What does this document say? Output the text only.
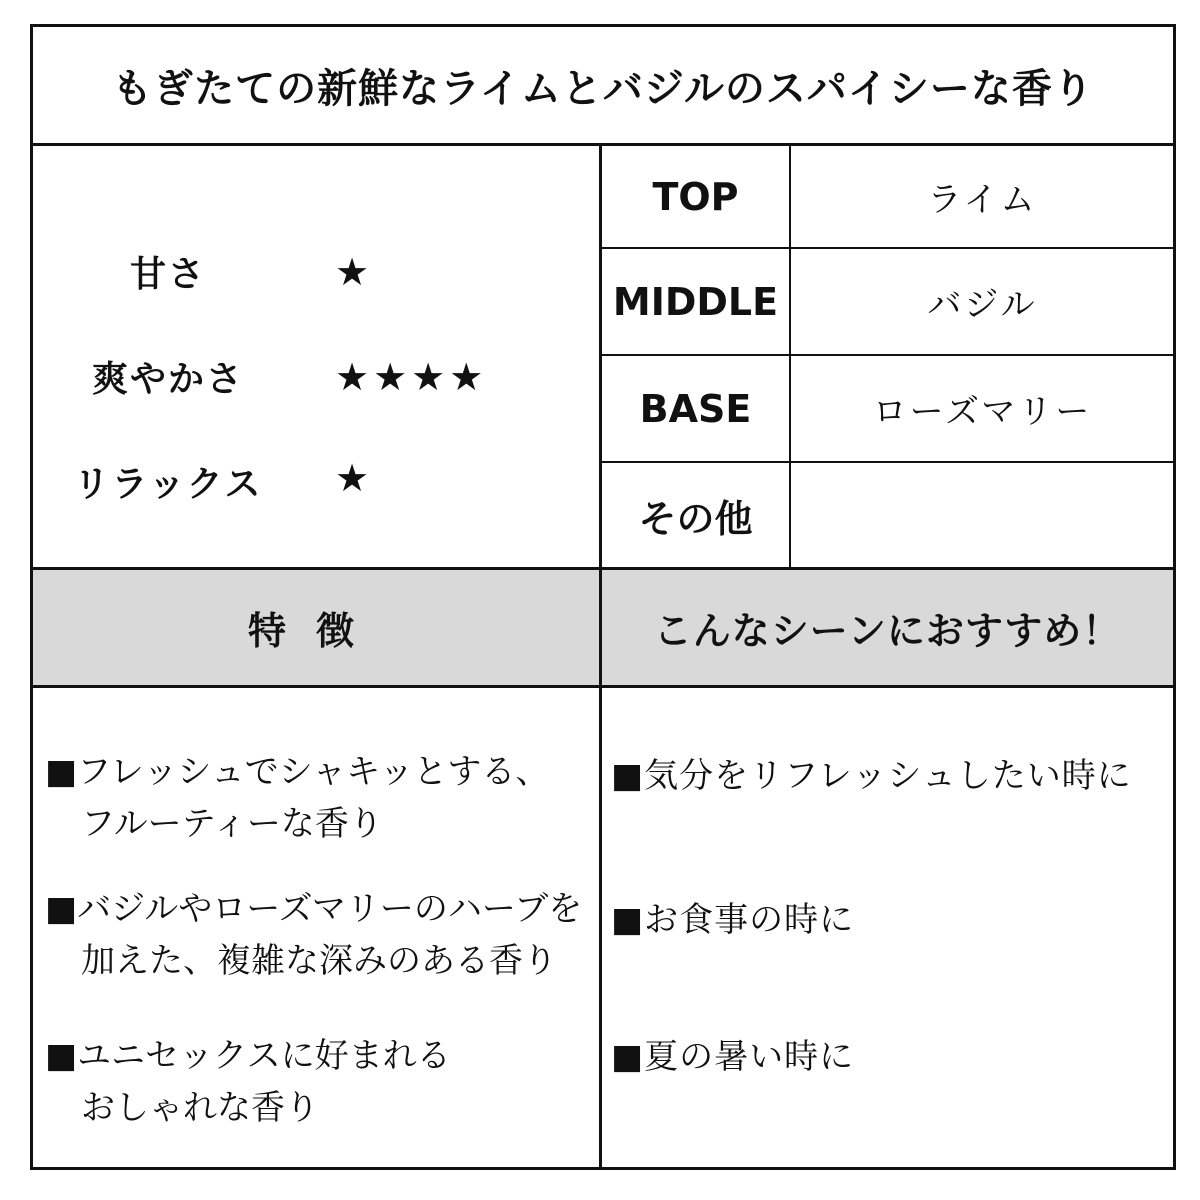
もぎたての新鮮なライムとバジルのスパイシーな香り
甘さ	★
爽やかさ	★★★★
リラックス	★
TOP	ライム
MIDDLE	バジル
BASE	ローズマリー
その他
特徴	こんなシーンにおすすめ！
■フレッシュでシャキッとする、
フルーティーな香り
■バジルやローズマリーのハーブを
加えた、複雑な深みのある香り
■ユニセックスに好まれる
おしゃれな香り
■気分をリフレッシュしたい時に
■お食事の時に
■夏の暑い時に
